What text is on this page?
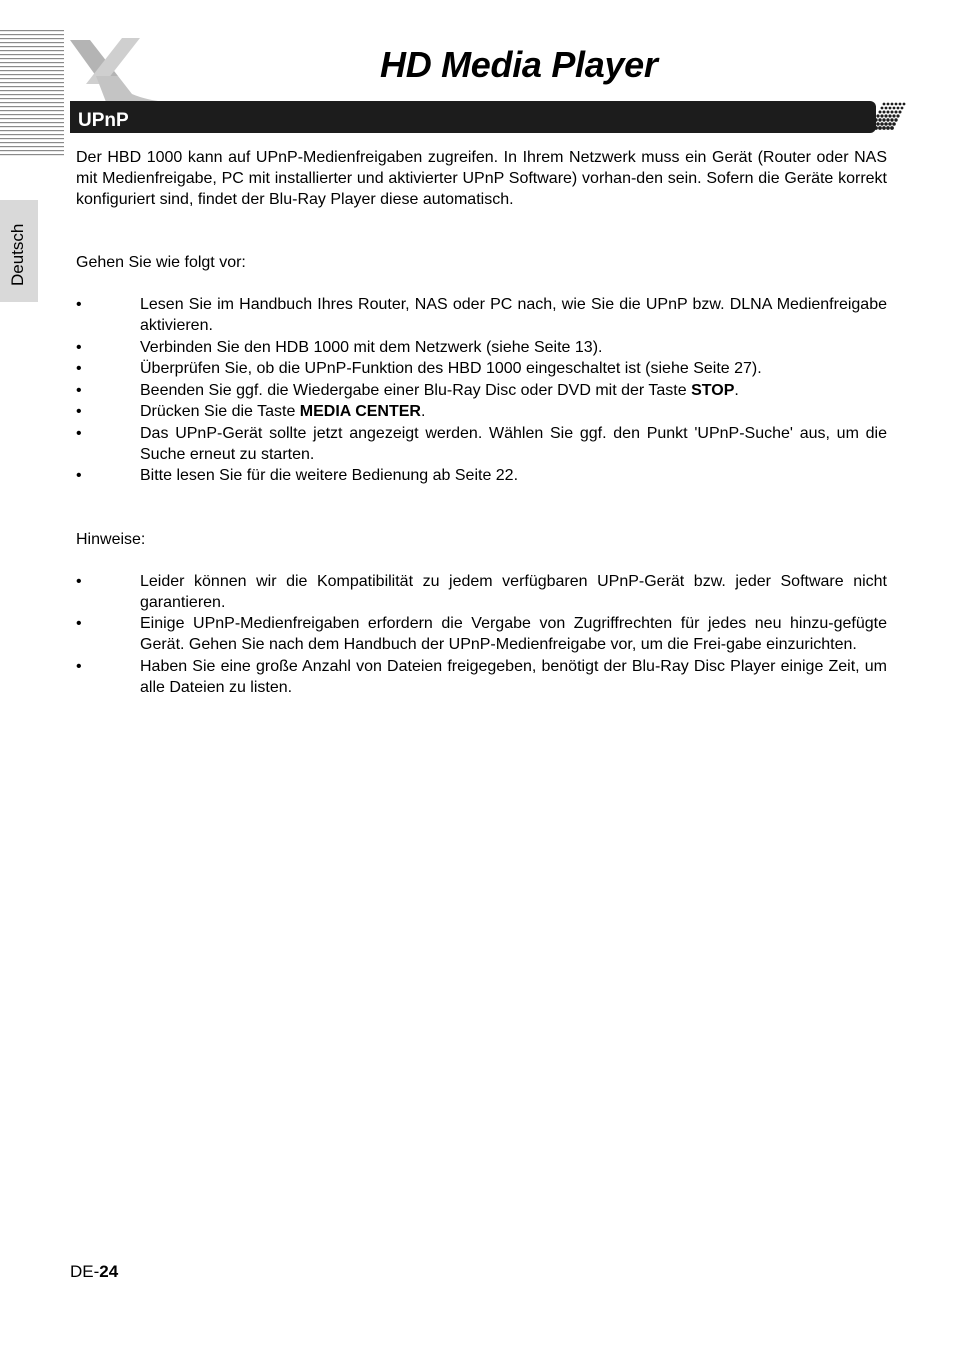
HD Media Player
UPnP
Deutsch

Der HBD 1000 kann auf UPnP-Medienfreigaben zugreifen. In Ihrem Netzwerk muss ein Gerät (Router oder NAS mit Medienfreigabe, PC mit installierter und aktivierter UPnP Software) vorhan-den sein. Sofern die Geräte korrekt konfiguriert sind, findet der Blu-Ray Player diese automatisch.

Gehen Sie wie folgt vor:

•	Lesen Sie im Handbuch Ihres Router, NAS oder PC nach, wie Sie die UPnP bzw. DLNA Medienfreigabe aktivieren.
•	Verbinden Sie den HDB 1000 mit dem Netzwerk (siehe Seite 13).
•	Überprüfen Sie, ob die UPnP-Funktion des HBD 1000 eingeschaltet ist (siehe Seite 27).
•	Beenden Sie ggf. die Wiedergabe einer Blu-Ray Disc oder DVD mit der Taste STOP.
•	Drücken Sie die Taste MEDIA CENTER.
•	Das UPnP-Gerät sollte jetzt angezeigt werden. Wählen Sie ggf. den Punkt 'UPnP-Suche' aus, um die Suche erneut zu starten.
•	Bitte lesen Sie für die weitere Bedienung ab Seite 22.

Hinweise:

•	Leider können wir die Kompatibilität zu jedem verfügbaren UPnP-Gerät bzw. jeder Software nicht garantieren.
•	Einige UPnP-Medienfreigaben erfordern die Vergabe von Zugriffrechten für jedes neu hinzu-gefügte Gerät. Gehen Sie nach dem Handbuch der UPnP-Medienfreigabe vor, um die Frei-gabe einzurichten.
•	Haben Sie eine große Anzahl von Dateien freigegeben, benötigt der Blu-Ray Disc Player einige Zeit, um alle Dateien zu listen.
DE-24
